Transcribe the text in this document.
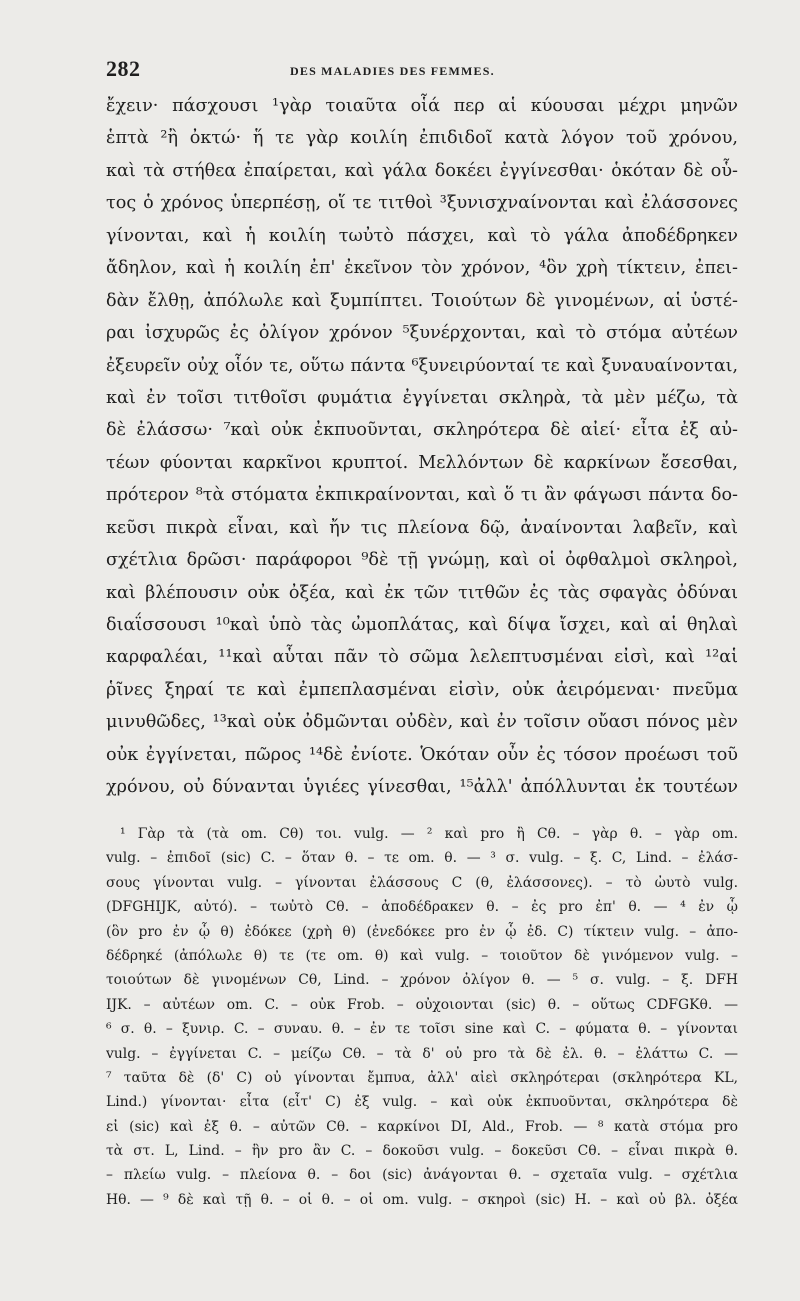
282	DES MALADIES DES FEMMES.
ἔχειν· πάσχουσι ¹γὰρ τοιαῦτα οἷά περ αἱ κύουσαι μέχρι μηνῶν
ἑπτὰ ²ἢ ὀκτώ· ἥ τε γὰρ κοιλίη ἐπιδιδοῖ κατὰ λόγον τοῦ χρόνου,
καὶ τὰ στήθεα ἐπαίρεται, καὶ γάλα δοκέει ἐγγίνεσθαι· ὁκόταν δὲ οὗ-
τος ὁ χρόνος ὑπερπέσῃ, οἵ τε τιτθοὶ ³ξυνισχναίνονται καὶ ἐλάσσονες
γίνονται, καὶ ἡ κοιλίη τωὐτὸ πάσχει, καὶ τὸ γάλα ἀποδέδρηκεν
ἄδηλον, καὶ ἡ κοιλίη ἐπ' ἐκεῖνον τὸν χρόνον, ⁴ὃν χρὴ τίκτειν, ἐπει-
δὰν ἔλθῃ, ἀπόλωλε καὶ ξυμπίπτει. Τοιούτων δὲ γινομένων, αἱ ὑστέ-
ραι ἰσχυρῶς ἐς ὀλίγον χρόνον ⁵ξυνέρχονται, καὶ τὸ στόμα αὐτέων
ἐξευρεῖν οὐχ οἷόν τε, οὕτω πάντα ⁶ξυνειρύονταί τε καὶ ξυναυαίνονται,
καὶ ἐν τοῖσι τιτθοῖσι φυμάτια ἐγγίνεται σκληρὰ, τὰ μὲν μέζω, τὰ
δὲ ἐλάσσω· ⁷καὶ οὐκ ἐκπυοῦνται, σκληρότερα δὲ αἰεί· εἶτα ἐξ αὐ-
τέων φύονται καρκῖνοι κρυπτοί. Μελλόντων δὲ καρκίνων ἔσεσθαι,
πρότερον ⁸τὰ στόματα ἐκπικραίνονται, καὶ ὅ τι ἂν φάγωσι πάντα δο-
κεῦσι πικρὰ εἶναι, καὶ ἤν τις πλείονα δῷ, ἀναίνονται λαβεῖν, καὶ
σχέτλια δρῶσι· παράφοροι ⁹δὲ τῇ γνώμῃ, καὶ οἱ ὀφθαλμοὶ σκληροὶ,
καὶ βλέπουσιν οὐκ ὀξέα, καὶ ἐκ τῶν τιτθῶν ἐς τὰς σφαγὰς ὀδύναι
διαΐσσουσι ¹⁰καὶ ὑπὸ τὰς ὠμοπλάτας, καὶ δίψα ἴσχει, καὶ αἱ θηλαὶ
καρφαλέαι, ¹¹καὶ αὗται πᾶν τὸ σῶμα λελεπτυσμέναι εἰσὶ, καὶ ¹²αἱ
ῥῖνες ξηραί τε καὶ ἐμπεπλασμέναι εἰσὶν, οὐκ ἀειρόμεναι· πνεῦμα
μινυθῶδες, ¹³καὶ οὐκ ὀδμῶνται οὐδὲν, καὶ ἐν τοῖσιν οὔασι πόνος μὲν
οὐκ ἐγγίνεται, πῶρος ¹⁴δὲ ἐνίοτε. Ὁκόταν οὖν ἐς τόσον προέωσι τοῦ
χρόνου, οὐ δύνανται ὑγιέες γίνεσθαι, ¹⁵ἀλλ' ἀπόλλυνται ἐκ τουτέων
¹ Γὰρ τὰ (τὰ om. Cθ) τοι. vulg. — ² καὶ pro ἢ Cθ. – γὰρ θ. – γὰρ om.
vulg. – ἐπιδοῖ (sic) C. – ὅταν θ. – τε om. θ. — ³ σ. vulg. – ξ. C, Lind. – ἐλάσ-
σους γίνονται vulg. – γίνονται ἐλάσσους C (θ, ἐλάσσονες). – τὸ ὠυτὸ vulg.
(DFGHIJK, αὐτό). – τωὐτὸ Cθ. – ἀποδέδρακεν θ. – ἐς pro ἐπ' θ. — ⁴ ἐν ᾧ
(ὃν pro ἐν ᾧ θ) ἐδόκεε (χρὴ θ) (ἐνεδόκεε pro ἐν ᾧ ἐδ. C) τίκτειν vulg. – ἀπο-
δέδρηκέ (ἀπόλωλε θ) τε (τε om. θ) καὶ vulg. – τοιοῦτον δὲ γινόμενον vulg. –
τοιούτων δὲ γινομένων Cθ, Lind. – χρόνον ὀλίγον θ. — ⁵ σ. vulg. – ξ. DFH
IJK. – αὐτέων om. C. – οὐκ Frob. – οὐχοιονται (sic) θ. – οὕτως CDFGKθ. —
⁶ σ. θ. – ξυνιρ. C. – συναυ. θ. – ἐν τε τοῖσι sine καὶ C. – φύματα θ. – γίνονται
vulg. – ἐγγίνεται C. – μείζω Cθ. – τὰ δ' οὐ pro τὰ δὲ ἐλ. θ. – ἐλάττω C. —
⁷ ταῦτα δὲ (δ' C) οὐ γίνονται ἔμπυα, ἀλλ' αἰεὶ σκληρότεραι (σκληρότερα KL,
Lind.) γίνονται· εἶτα (εἶτ' C) ἐξ vulg. – καὶ οὐκ ἐκπυοῦνται, σκληρότερα δὲ
εἰ (sic) καὶ ἐξ θ. – αὐτῶν Cθ. – καρκίνοι DI, Ald., Frob. — ⁸ κατὰ στόμα pro
τὰ στ. L, Lind. – ἣν pro ἂν C. – δοκοῦσι vulg. – δοκεῦσι Cθ. – εἶναι πικρὰ θ.
– πλείω vulg. – πλείονα θ. – δοι (sic) ἀνάγονται θ. – σχεταῖα vulg. – σχέτλια
Hθ. — ⁹ δὲ καὶ τῇ θ. – οἱ θ. – οἱ om. vulg. – σκηροὶ (sic) H. – καὶ οὐ βλ. ὀξέα
